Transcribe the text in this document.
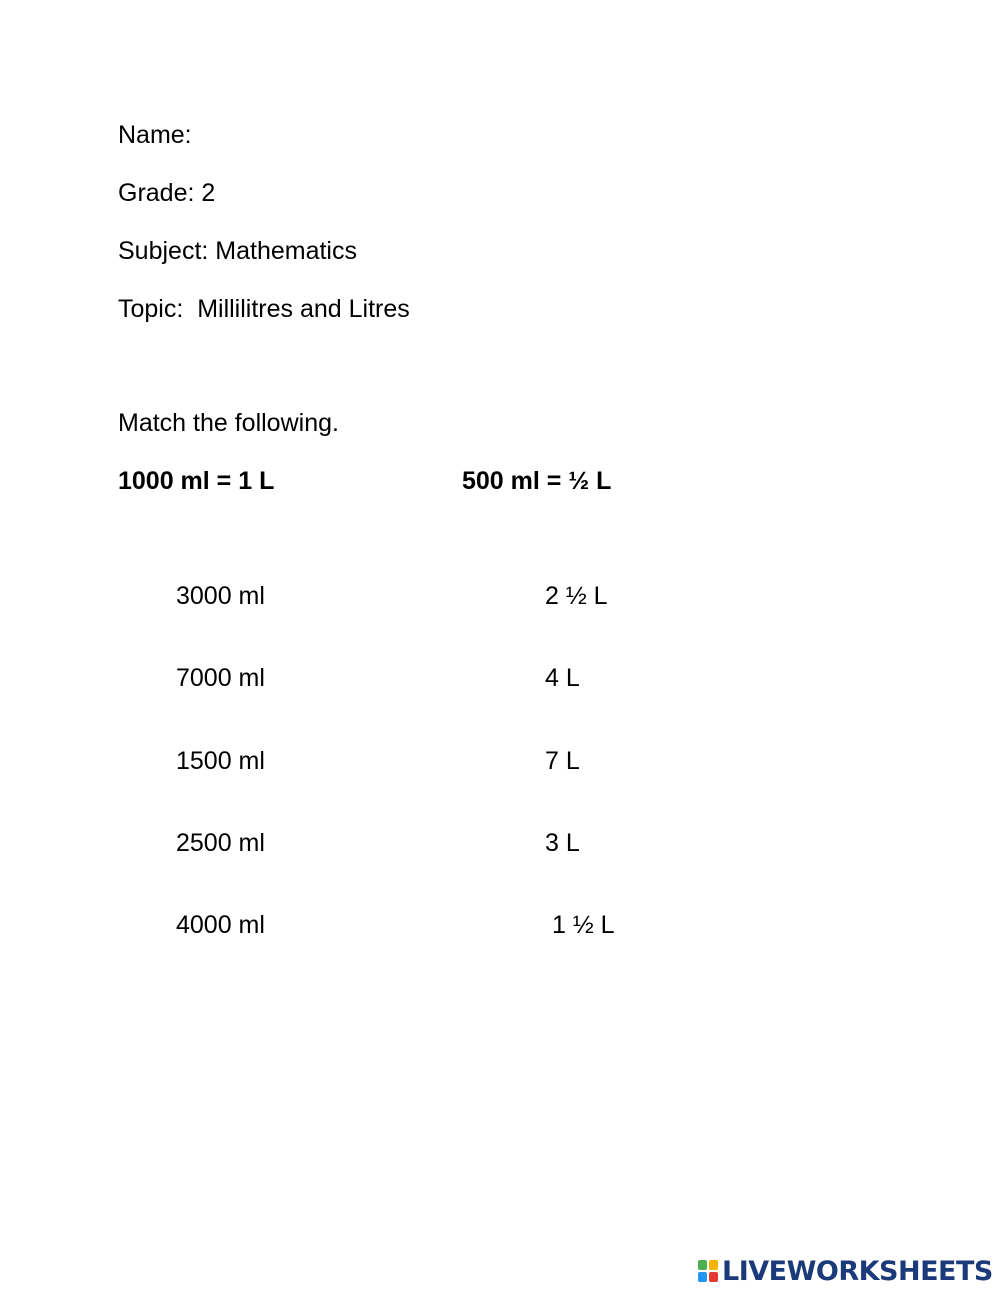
Name:
Grade: 2
Subject: Mathematics
Topic:  Millilitres and Litres
Match the following.
1000 ml = 1 L	500 ml = ½ L
3000 ml
7000 ml
1500 ml
2500 ml
4000 ml
2 ½ L
4 L
7 L
3 L
1 ½ L
LIVEWORKSHEETS
